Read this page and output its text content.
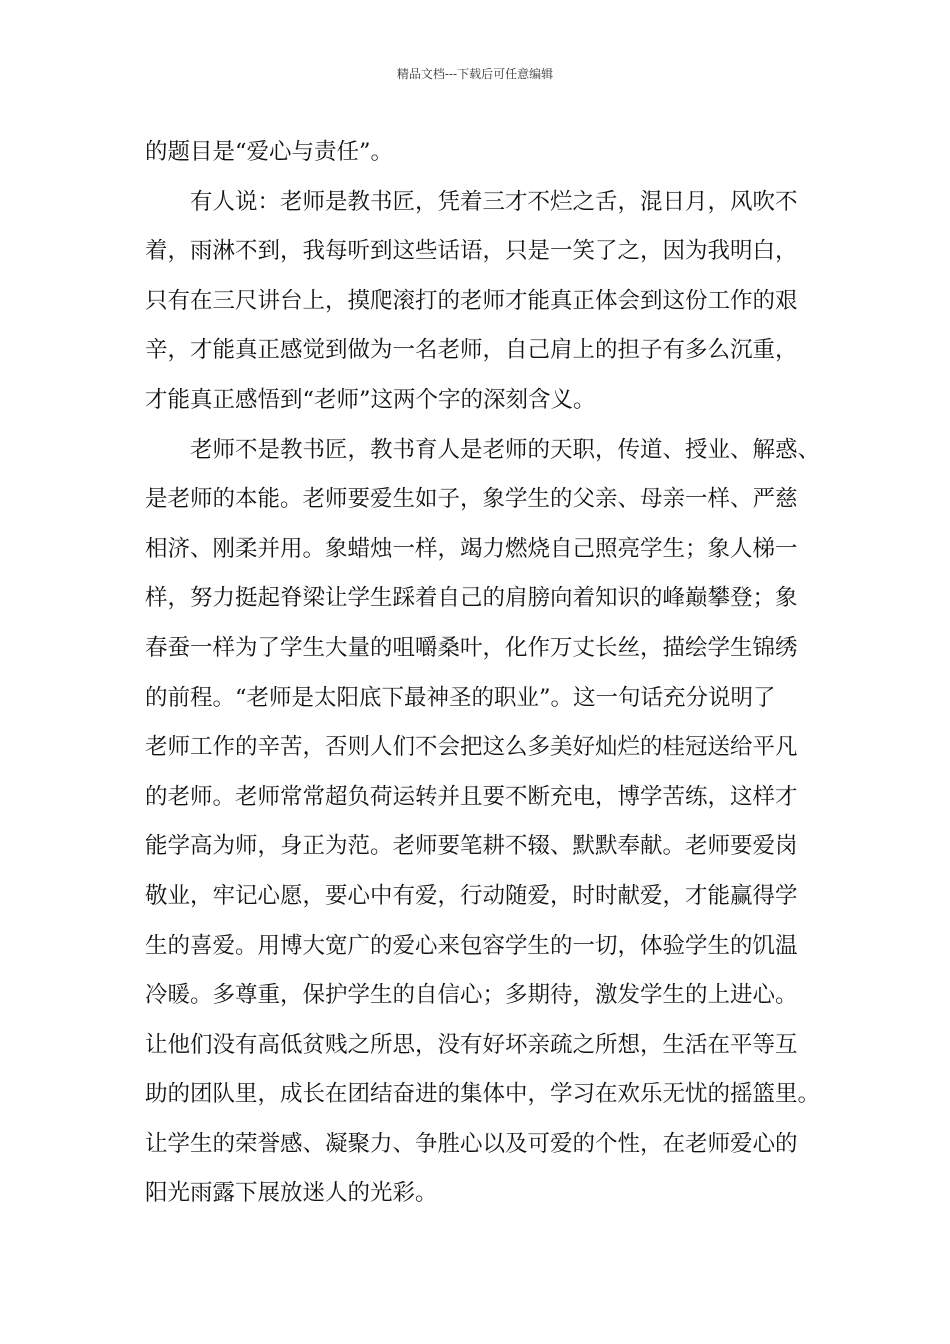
精品文档---下载后可任意编辑
的题目是“爱心与责任”。
有人说：老师是教书匠，凭着三才不烂之舌，混日月，风吹不
着，雨淋不到，我每听到这些话语，只是一笑了之，因为我明白，
只有在三尺讲台上，摸爬滚打的老师才能真正体会到这份工作的艰
辛，才能真正感觉到做为一名老师，自己肩上的担子有多么沉重，
才能真正感悟到“老师”这两个字的深刻含义。
老师不是教书匠，教书育人是老师的天职，传道、授业、解惑、
是老师的本能。老师要爱生如子，象学生的父亲、母亲一样、严慈
相济、刚柔并用。象蜡烛一样，竭力燃烧自己照亮学生；象人梯一
样，努力挺起脊梁让学生踩着自己的肩膀向着知识的峰巅攀登；象
春蚕一样为了学生大量的咀嚼桑叶，化作万丈长丝，描绘学生锦绣
的前程。“老师是太阳底下最神圣的职业”。这一句话充分说明了
老师工作的辛苦，否则人们不会把这么多美好灿烂的桂冠送给平凡
的老师。老师常常超负荷运转并且要不断充电，博学苦练，这样才
能学高为师，身正为范。老师要笔耕不辍、默默奉献。老师要爱岗
敬业，牢记心愿，要心中有爱，行动随爱，时时献爱，才能赢得学
生的喜爱。用博大宽广的爱心来包容学生的一切，体验学生的饥温
冷暖。多尊重，保护学生的自信心；多期待，激发学生的上进心。
让他们没有高低贫贱之所思，没有好坏亲疏之所想，生活在平等互
助的团队里，成长在团结奋进的集体中，学习在欢乐无忧的摇篮里。
让学生的荣誉感、凝聚力、争胜心以及可爱的个性，在老师爱心的
阳光雨露下展放迷人的光彩。
